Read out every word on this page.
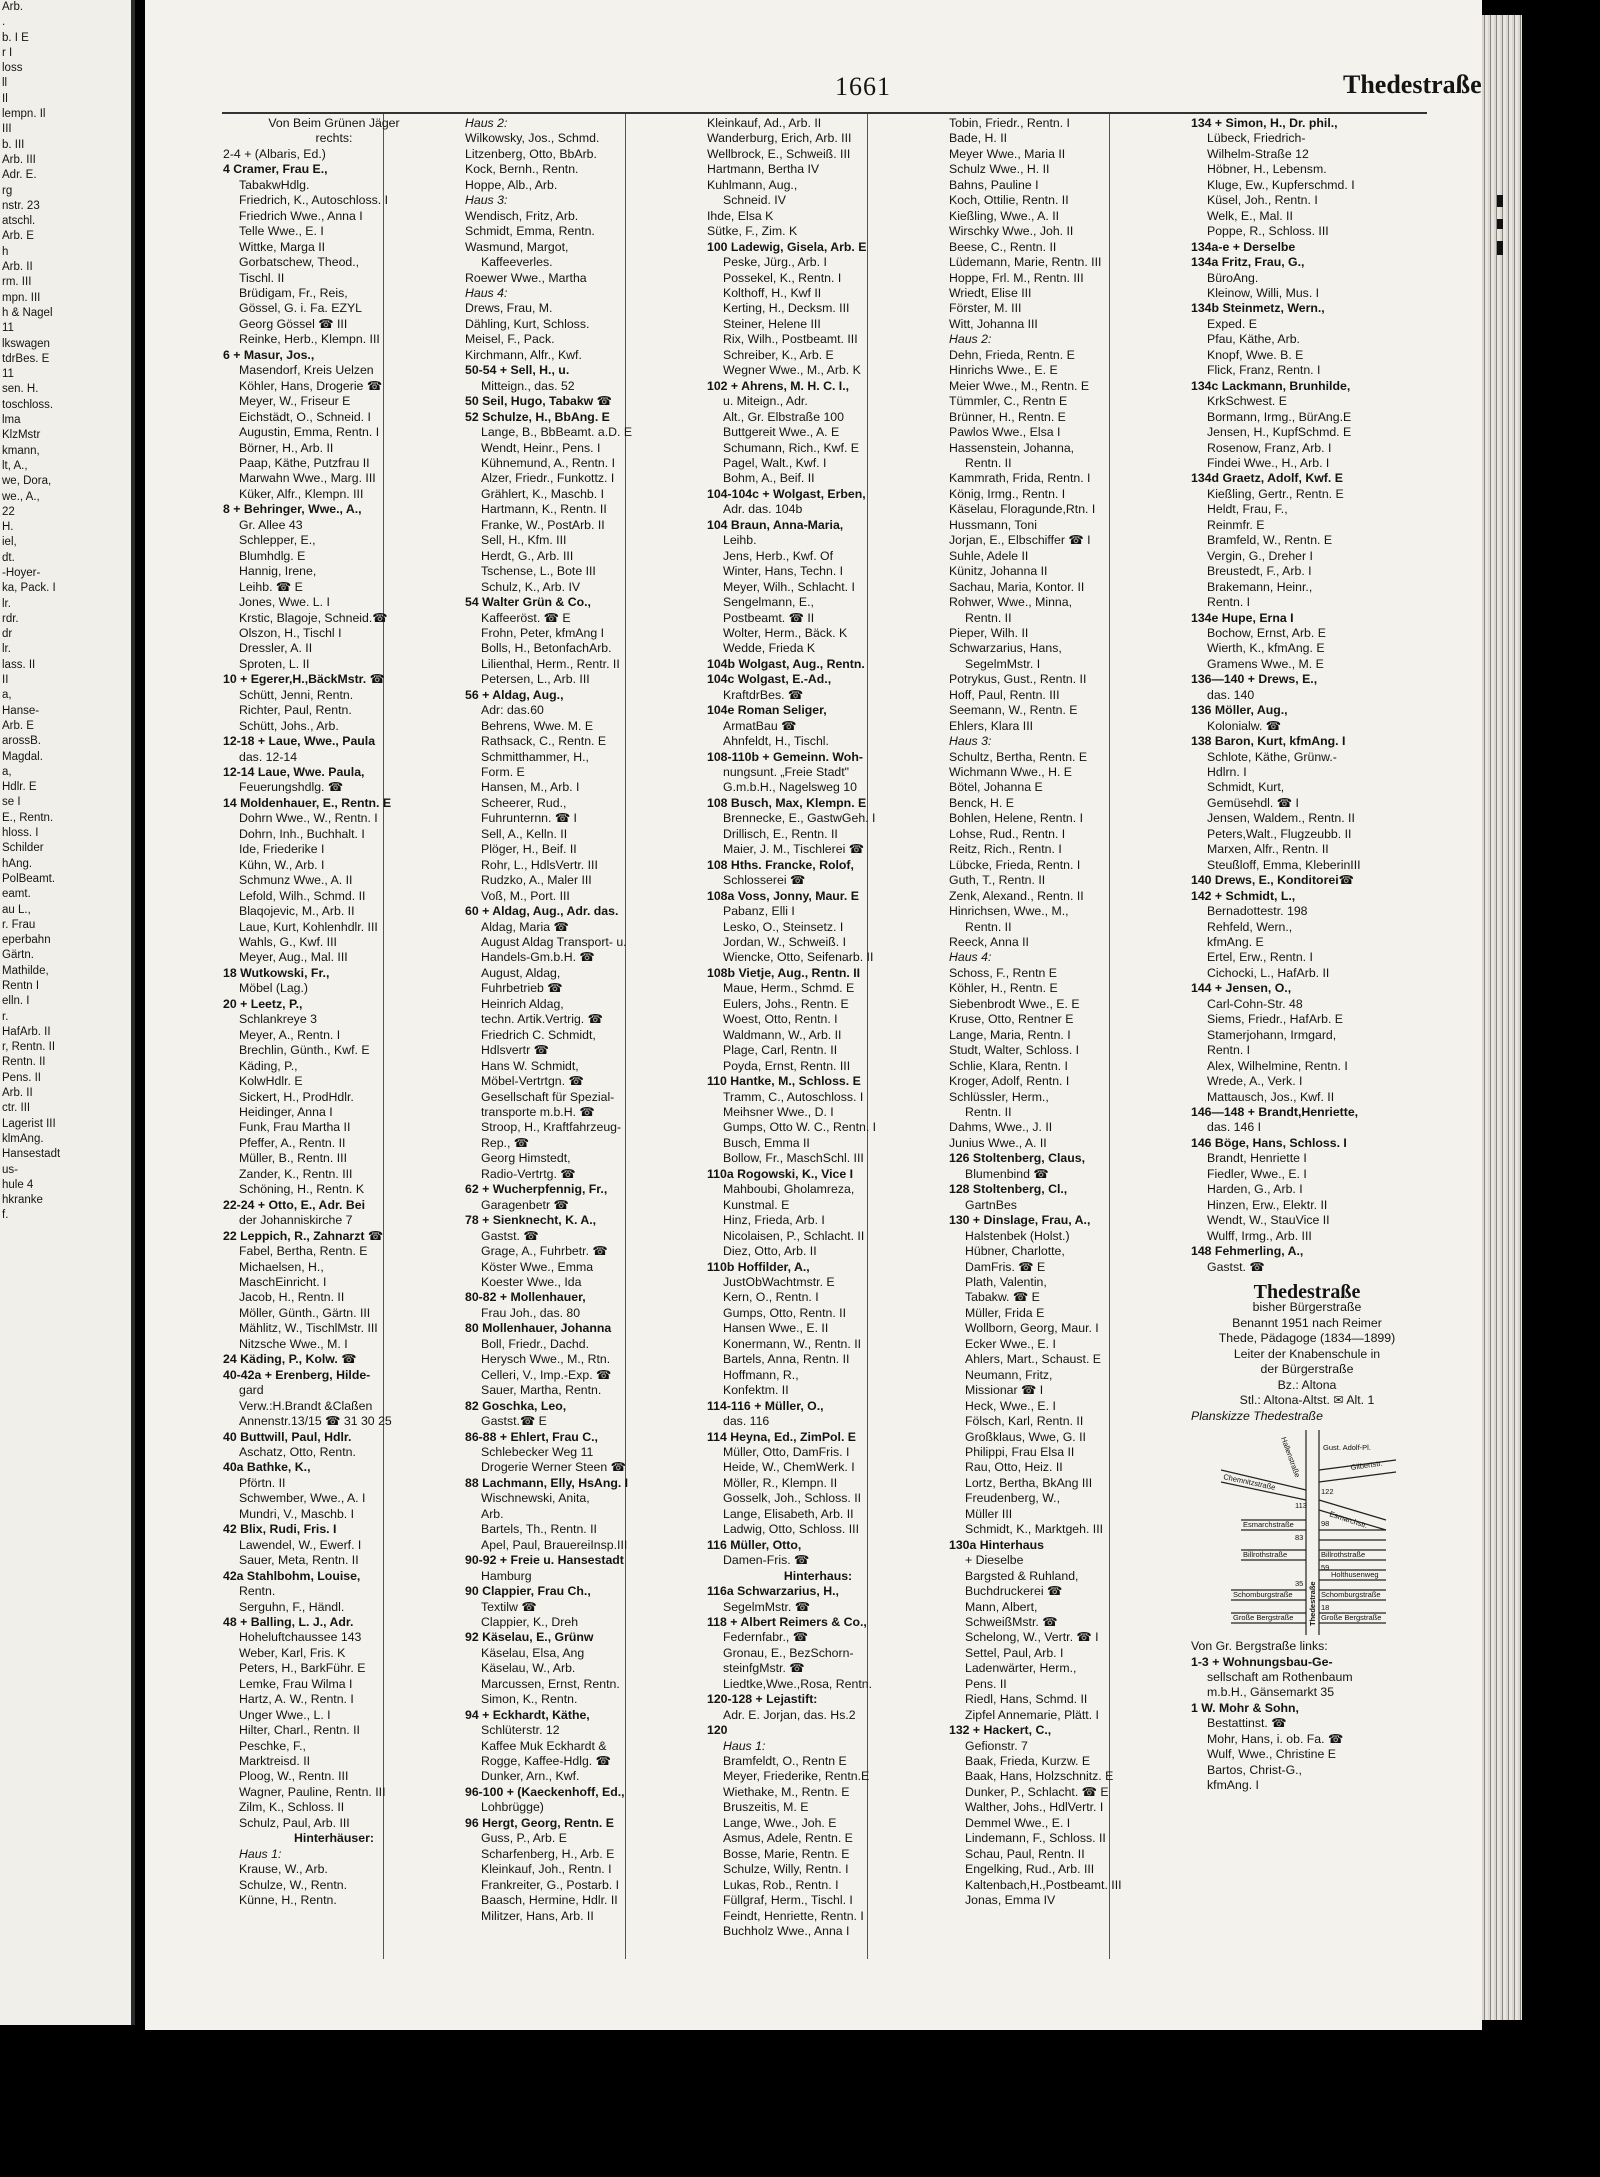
Arb.
.
b. I E
r I
loss
ll
Il
lempn. Il
III
b. III
Arb. III
Adr. E.
rg
nstr. 23
atschl.
Arb. E
h
Arb. II
rm. III
mpn. III
h & Nagel
11
lkswagen
tdrBes. E
11
sen. H.
toschloss.
lma
KlzMstr
kmann,
lt, A.,
we, Dora,
we., A.,
22
H.
iel,
dt.
-Hoyer-
ka, Pack. I
lr.
rdr.
dr
lr.
lass. II
II
a,
Hanse-
Arb. E
arossB.
Magdal.
a,
Hdlr. E
se I
E., Rentn.
hloss. I
Schilder
hAng.
PolBeamt.
eamt.
au L.,
r. Frau
eperbahn
Gärtn.
Mathilde,
Rentn I
elln. I
r.
HafArb. II
r, Rentn. II
Rentn. II
Pens. II
Arb. II
ctr. III
Lagerist III
klmAng.
Hansestadt
us-
hule 4
hkranke
f.
1661	Thedestraße
Von Beim Grünen Jäger
rechts:
2-4 + (Albaris, Ed.)
4 Cramer, Frau E.,
TabakwHdlg.
Friedrich, K., Autoschloss. I
Friedrich Wwe., Anna I
Telle Wwe., E. I
Wittke, Marga II
Gorbatschew, Theod.,
Tischl. II
Brüdigam, Fr., Reis,
Gössel, G. i. Fa. EZYL
Georg Gössel ☎ III
Reinke, Herb., Klempn. III
6 + Masur, Jos.,
Masendorf, Kreis Uelzen
Köhler, Hans, Drogerie ☎
Meyer, W., Friseur E
Eichstädt, O., Schneid. I
Augustin, Emma, Rentn. I
Börner, H., Arb. II
Paap, Käthe, Putzfrau II
Marwahn Wwe., Marg. III
Küker, Alfr., Klempn. III
8 + Behringer, Wwe., A.,
Gr. Allee 43
Schlepper, E.,
Blumhdlg. E
Hannig, Irene,
Leihb. ☎ E
Jones, Wwe. L. I
Krstic, Blagoje, Schneid.☎
Olszon, H., Tischl I
Dressler, A. II
Sproten, L. II
10 + Egerer,H.,BäckMstr. ☎
Schütt, Jenni, Rentn.
Richter, Paul, Rentn.
Schütt, Johs., Arb.
12-18 + Laue, Wwe., Paula
das. 12-14
12-14 Laue, Wwe. Paula,
Feuerungshdlg. ☎
14 Moldenhauer, E., Rentn. E
Dohrn Wwe., W., Rentn. I
Dohrn, Inh., Buchhalt. I
Ide, Friederike I
Kühn, W., Arb. I
Schmunz Wwe., A. II
Lefold, Wilh., Schmd. II
Blaqojevic, M., Arb. II
Laue, Kurt, Kohlenhdlr. III
Wahls, G., Kwf. III
Meyer, Aug., Mal. III
18 Wutkowski, Fr.,
Möbel (Lag.)
20 + Leetz, P.,
Schlankreye 3
Meyer, A., Rentn. I
Brechlin, Günth., Kwf. E
Käding, P.,
KolwHdlr. E
Sickert, H., ProdHdlr.
Heidinger, Anna I
Funk, Frau Martha II
Pfeffer, A., Rentn. II
Müller, B., Rentn. III
Zander, K., Rentn. III
Schöning, H., Rentn. K
22-24 + Otto, E., Adr. Bei
der Johanniskirche 7
22 Leppich, R., Zahnarzt ☎
Fabel, Bertha, Rentn. E
Michaelsen, H.,
MaschEinricht. I
Jacob, H., Rentn. II
Möller, Günth., Gärtn. III
Mählitz, W., TischlMstr. III
Nitzsche Wwe., M. I
24 Käding, P., Kolw. ☎
40-42a + Erenberg, Hilde-
gard
Verw.:H.Brandt &Claßen
Annenstr.13/15 ☎ 31 30 25
40 Buttwill, Paul, Hdlr.
Aschatz, Otto, Rentn.
40a Bathke, K.,
Pförtn. II
Schwember, Wwe., A. I
Mundri, V., Maschb. I
42 Blix, Rudi, Fris. I
Lawendel, W., Ewerf. I
Sauer, Meta, Rentn. II
42a Stahlbohm, Louise,
Rentn.
Serguhn, F., Händl.
48 + Balling, L. J., Adr.
Hoheluftchaussee 143
Weber, Karl, Fris. K
Peters, H., BarkFühr. E
Lemke, Frau Wilma I
Hartz, A. W., Rentn. I
Unger Wwe., L. I
Hilter, Charl., Rentn. II
Peschke, F.,
Marktreisd. II
Ploog, W., Rentn. III
Wagner, Pauline, Rentn. III
Zilm, K., Schloss. II
Schulz, Paul, Arb. III
Hinterhäuser:
Haus 1:
Krause, W., Arb.
Schulze, W., Rentn.
Künne, H., Rentn.
Haus 2:
Wilkowsky, Jos., Schmd.
Litzenberg, Otto, BbArb.
Kock, Bernh., Rentn.
Hoppe, Alb., Arb.
Haus 3:
Wendisch, Fritz, Arb.
Schmidt, Emma, Rentn.
Wasmund, Margot,
Kaffeeverles.
Roewer Wwe., Martha
Haus 4:
Drews, Frau, M.
Dähling, Kurt, Schloss.
Meisel, F., Pack.
Kirchmann, Alfr., Kwf.
50-54 + Sell, H., u.
Mitteign., das. 52
50 Seil, Hugo, Tabakw ☎
52 Schulze, H., BbAng. E
Lange, B., BbBeamt. a.D. E
Wendt, Heinr., Pens. I
Kühnemund, A., Rentn. I
Alzer, Friedr., Funkottz. I
Grählert, K., Maschb. I
Hartmann, K., Rentn. II
Franke, W., PostArb. II
Sell, H., Kfm. III
Herdt, G., Arb. III
Tschense, L., Bote III
Schulz, K., Arb. IV
54 Walter Grün & Co.,
Kaffeeröst. ☎ E
Frohn, Peter, kfmAng I
Bolls, H., BetonfachArb.
Lilienthal, Herm., Rentr. II
Petersen, L., Arb. III
56 + Aldag, Aug.,
Adr: das.60
Behrens, Wwe. M. E
Rathsack, C., Rentn. E
Schmitthammer, H.,
Form. E
Hansen, M., Arb. I
Scheerer, Rud.,
Fuhrunternn. ☎ I
Sell, A., Kelln. II
Plöger, H., Beif. II
Rohr, L., HdlsVertr. III
Rudzko, A., Maler III
Voß, M., Port. III
60 + Aldag, Aug., Adr. das.
Aldag, Maria ☎
August Aldag Transport- u.
Handels-Gm.b.H. ☎
August, Aldag,
Fuhrbetrieb ☎
Heinrich Aldag,
techn. Artik.Vertrig. ☎
Friedrich C. Schmidt,
Hdlsvertr ☎
Hans W. Schmidt,
Möbel-Vertrtgn. ☎
Gesellschaft für Spezial-
transporte m.b.H. ☎
Stroop, H., Kraftfahrzeug-
Rep., ☎
Georg Himstedt,
Radio-Vertrtg. ☎
62 + Wucherpfennig, Fr.,
Garagenbetr ☎
78 + Sienknecht, K. A.,
Gastst. ☎
Grage, A., Fuhrbetr. ☎
Köster Wwe., Emma
Koester Wwe., Ida
80-82 + Mollenhauer,
Frau Joh., das. 80
80 Mollenhauer, Johanna
Boll, Friedr., Dachd.
Herysch Wwe., M., Rtn.
Celleri, V., Imp.-Exp. ☎
Sauer, Martha, Rentn.
82 Goschka, Leo,
Gastst.☎ E
86-88 + Ehlert, Frau C.,
Schlebecker Weg 11
Drogerie Werner Steen ☎
88 Lachmann, Elly, HsAng. I
Wischnewski, Anita,
Arb.
Bartels, Th., Rentn. II
Apel, Paul, BrauereiInsp.III
90-92 + Freie u. Hansestadt
Hamburg
90 Clappier, Frau Ch.,
Textilw ☎
Clappier, K., Dreh
92 Käselau, E., Grünw
Käselau, Elsa, Ang
Käselau, W., Arb.
Marcussen, Ernst, Rentn.
Simon, K., Rentn.
94 + Eckhardt, Käthe,
Schlüterstr. 12
Kaffee Muk Eckhardt &
Rogge, Kaffee-Hdlg. ☎
Dunker, Arn., Kwf.
96-100 + (Kaeckenhoff, Ed.,
Lohbrügge)
96 Hergt, Georg, Rentn. E
Guss, P., Arb. E
Scharfenberg, H., Arb. E
Kleinkauf, Joh., Rentn. I
Frankreiter, G., Postarb. I
Baasch, Hermine, Hdlr. II
Militzer, Hans, Arb. II
Kleinkauf, Ad., Arb. II
Wanderburg, Erich, Arb. III
Wellbrock, E., Schweiß. III
Hartmann, Bertha IV
Kuhlmann, Aug.,
Schneid. IV
Ihde, Elsa K
Sütke, F., Zim. K
100 Ladewig, Gisela, Arb. E
Peske, Jürg., Arb. I
Possekel, K., Rentn. I
Kolthoff, H., Kwf II
Kerting, H., Decksm. III
Steiner, Helene III
Rix, Wilh., Postbeamt. III
Schreiber, K., Arb. E
Wegner Wwe., M., Arb. K
102 + Ahrens, M. H. C. I.,
u. Miteign., Adr.
Alt., Gr. Elbstraße 100
Buttgereit Wwe., A. E
Schumann, Rich., Kwf. E
Pagel, Walt., Kwf. I
Bohm, A., Beif. II
104-104c + Wolgast, Erben,
Adr. das. 104b
104 Braun, Anna-Maria,
Leihb.
Jens, Herb., Kwf. Of
Winter, Hans, Techn. I
Meyer, Wilh., Schlacht. I
Sengelmann, E.,
Postbeamt. ☎ II
Wolter, Herm., Bäck. K
Wedde, Frieda K
104b Wolgast, Aug., Rentn.
104c Wolgast, E.-Ad.,
KraftdrBes. ☎
104e Roman Seliger,
ArmatBau ☎
Ahnfeldt, H., Tischl.
108-110b + Gemeinn. Woh-
nungsunt. „Freie Stadt"
G.m.b.H., Nagelsweg 10
108 Busch, Max, Klempn. E
Brennecke, E., GastwGeh. I
Drillisch, E., Rentn. II
Maier, J. M., Tischlerei ☎
108 Hths. Francke, Rolof,
Schlosserei ☎
108a Voss, Jonny, Maur. E
Pabanz, Elli I
Lesko, O., Steinsetz. I
Jordan, W., Schweiß. I
Wiencke, Otto, Seifenarb. II
108b Vietje, Aug., Rentn. II
Maue, Herm., Schmd. E
Eulers, Johs., Rentn. E
Woest, Otto, Rentn. I
Waldmann, W., Arb. II
Plage, Carl, Rentn. II
Poyda, Ernst, Rentn. III
110 Hantke, M., Schloss. E
Tramm, C., Autoschloss. I
Meihsner Wwe., D. I
Gumps, Otto W. C., Rentn. I
Busch, Emma II
Bollow, Fr., MaschSchl. III
110a Rogowski, K., Vice I
Mahboubi, Gholamreza,
Kunstmal. E
Hinz, Frieda, Arb. I
Nicolaisen, P., Schlacht. II
Diez, Otto, Arb. II
110b Hoffilder, A.,
JustObWachtmstr. E
Kern, O., Rentn. I
Gumps, Otto, Rentn. II
Hansen Wwe., E. II
Konermann, W., Rentn. II
Bartels, Anna, Rentn. II
Hoffmann, R.,
Konfektm. II
114-116 + Müller, O.,
das. 116
114 Heyna, Ed., ZimPol. E
Müller, Otto, DamFris. I
Heide, W., ChemWerk. I
Möller, R., Klempn. II
Gosselk, Joh., Schloss. II
Lange, Elisabeth, Arb. II
Ladwig, Otto, Schloss. III
116 Müller, Otto,
Damen-Fris. ☎
Hinterhaus:
116a Schwarzarius, H.,
SegelmMstr. ☎
118 + Albert Reimers & Co.,
Federnfabr., ☎
Gronau, E., BezSchorn-
steinfgMstr. ☎
Liedtke,Wwe.,Rosa, Rentn.
120-128 + Lejastift:
Adr. E. Jorjan, das. Hs.2
120
Haus 1:
Bramfeldt, O., Rentn E
Meyer, Friederike, Rentn.E
Wiethake, M., Rentn. E
Bruszeitis, M. E
Lange, Wwe., Joh. E
Asmus, Adele, Rentn. E
Bosse, Marie, Rentn. E
Schulze, Willy, Rentn. I
Lukas, Rob., Rentn. I
Füllgraf, Herm., Tischl. I
Feindt, Henriette, Rentn. I
Buchholz Wwe., Anna I
Tobin, Friedr., Rentn. I
Bade, H. II
Meyer Wwe., Maria II
Schulz Wwe., H. II
Bahns, Pauline I
Koch, Ottilie, Rentn. II
Kießling, Wwe., A. II
Wirschky Wwe., Joh. II
Beese, C., Rentn. II
Lüdemann, Marie, Rentn. III
Hoppe, Frl. M., Rentn. III
Wriedt, Elise III
Förster, M. III
Witt, Johanna III
Haus 2:
Dehn, Frieda, Rentn. E
Hinrichs Wwe., E. E
Meier Wwe., M., Rentn. E
Tümmler, C., Rentn E
Brünner, H., Rentn. E
Pawlos Wwe., Elsa I
Hassenstein, Johanna,
Rentn. II
Kammrath, Frida, Rentn. I
König, Irmg., Rentn. I
Käselau, Floragunde,Rtn. I
Hussmann, Toni
Jorjan, E., Elbschiffer ☎ I
Suhle, Adele II
Künitz, Johanna II
Sachau, Maria, Kontor. II
Rohwer, Wwe., Minna,
Rentn. II
Pieper, Wilh. II
Schwarzarius, Hans,
SegelmMstr. I
Potrykus, Gust., Rentn. II
Hoff, Paul, Rentn. III
Seemann, W., Rentn. E
Ehlers, Klara III
Haus 3:
Schultz, Bertha, Rentn. E
Wichmann Wwe., H. E
Bötel, Johanna E
Benck, H. E
Bohlen, Helene, Rentn. I
Lohse, Rud., Rentn. I
Reitz, Rich., Rentn. I
Lübcke, Frieda, Rentn. I
Guth, T., Rentn. II
Zenk, Alexand., Rentn. II
Hinrichsen, Wwe., M.,
Rentn. II
Reeck, Anna II
Haus 4:
Schoss, F., Rentn E
Köhler, H., Rentn. E
Siebenbrodt Wwe., E. E
Kruse, Otto, Rentner E
Lange, Maria, Rentn. I
Studt, Walter, Schloss. I
Schlie, Klara, Rentn. I
Kroger, Adolf, Rentn. I
Schlüssler, Herm.,
Rentn. II
Dahms, Wwe., J. II
Junius Wwe., A. II
126 Stoltenberg, Claus,
Blumenbind ☎
128 Stoltenberg, Cl.,
GartnBes
130 + Dinslage, Frau, A.,
Halstenbek (Holst.)
Hübner, Charlotte,
DamFris. ☎ E
Plath, Valentin,
Tabakw. ☎ E
Müller, Frida E
Wollborn, Georg, Maur. I
Ecker Wwe., E. I
Ahlers, Mart., Schaust. E
Neumann, Fritz,
Missionar ☎ I
Heck, Wwe., E. I
Fölsch, Karl, Rentn. II
Großklaus, Wwe, G. II
Philippi, Frau Elsa II
Rau, Otto, Heiz. II
Lortz, Bertha, BkAng III
Freudenberg, W.,
Müller III
Schmidt, K., Marktgeh. III
130a Hinterhaus
+ Dieselbe
Bargsted & Ruhland,
Buchdruckerei ☎
Mann, Albert,
SchweißMstr. ☎
Schelong, W., Vertr. ☎ I
Settel, Paul, Arb. I
Ladenwärter, Herm.,
Pens. II
Riedl, Hans, Schmd. II
Zipfel Annemarie, Plätt. I
132 + Hackert, C.,
Gefionstr. 7
Baak, Frieda, Kurzw. E
Baak, Hans, Holzschnitz. E
Dunker, P., Schlacht. ☎ E
Walther, Johs., HdlVertr. I
Demmel Wwe., E. I
Lindemann, F., Schloss. II
Schau, Paul, Rentn. II
Engelking, Rud., Arb. III
Kaltenbach,H.,Postbeamt. III
Jonas, Emma IV
134 + Simon, H., Dr. phil.,
Lübeck, Friedrich-
Wilhelm-Straße 12
Höbner, H., Lebensm.
Kluge, Ew., Kupferschmd. I
Küsel, Joh., Rentn. I
Welk, E., Mal. II
Poppe, R., Schloss. III
134a-e + Derselbe
134a Fritz, Frau, G.,
BüroAng.
Kleinow, Willi, Mus. I
134b Steinmetz, Wern.,
Exped. E
Pfau, Käthe, Arb.
Knopf, Wwe. B. E
Flick, Franz, Rentn. I
134c Lackmann, Brunhilde,
KrkSchwest. E
Bormann, Irmg., BürAng.E
Jensen, H., KupfSchmd. E
Rosenow, Franz, Arb. I
Findei Wwe., H., Arb. I
134d Graetz, Adolf, Kwf. E
Kießling, Gertr., Rentn. E
Heldt, Frau, F.,
Reinmfr. E
Bramfeld, W., Rentn. E
Vergin, G., Dreher I
Breustedt, F., Arb. I
Brakemann, Heinr.,
Rentn. I
134e Hupe, Erna I
Bochow, Ernst, Arb. E
Wierth, K., kfmAng. E
Gramens Wwe., M. E
136—140 + Drews, E.,
das. 140
136 Möller, Aug.,
Kolonialw. ☎
138 Baron, Kurt, kfmAng. I
Schlote, Käthe, Grünw.-
Hdlrn. I
Schmidt, Kurt,
Gemüsehdl. ☎ I
Jensen, Waldem., Rentn. II
Peters,Walt., Flugzeubb. II
Marxen, Alfr., Rentn. II
Steußloff, Emma, KleberinIII
140 Drews, E., Konditorei☎
142 + Schmidt, L.,
Bernadottestr. 198
Rehfeld, Wern.,
kfmAng. E
Ertel, Erw., Rentn. I
Cichocki, L., HafArb. II
144 + Jensen, O.,
Carl-Cohn-Str. 48
Siems, Friedr., HafArb. E
Stamerjohann, Irmgard,
Rentn. I
Alex, Wilhelmine, Rentn. I
Wrede, A., Verk. I
Mattausch, Jos., Kwf. II
146—148 + Brandt,Henriette,
das. 146 I
146 Böge, Hans, Schloss. I
Brandt, Henriette I
Fiedler, Wwe., E. I
Harden, G., Arb. I
Hinzen, Erw., Elektr. II
Wendt, W., StauVice II
Wulff, Irmg., Arb. III
148 Fehmerling, A.,
Gastst. ☎
Thedestraße
bisher Bürgerstraße
Benannt 1951 nach Reimer
Thede, Pädagoge (1834—1899)
Leiter der Knabenschule in
der Bürgerstraße
Bz.: Altona
Stl.: Altona-Altst. ✉ Alt. 1
Planskizze Thedestraße
Chemnitzstraße
Hallenstraße	Gust. Adolf-Pl.
Gilbertstr.
Esmarchstraße	Esmarchstr.
Billrothstraße	Billrothstraße
Holthusenweg
Schomburgstraße	Schomburgstraße
Große Bergstraße	Große Bergstraße
Thedestraße
113
122
98
83
59
35
18
Von Gr. Bergstraße links:
1-3 + Wohnungsbau-Ge-
sellschaft am Rothenbaum
m.b.H., Gänsemarkt 35
1 W. Mohr & Sohn,
Bestattinst. ☎
Mohr, Hans, i. ob. Fa. ☎
Wulf, Wwe., Christine E
Bartos, Christ-G.,
kfmAng. I
